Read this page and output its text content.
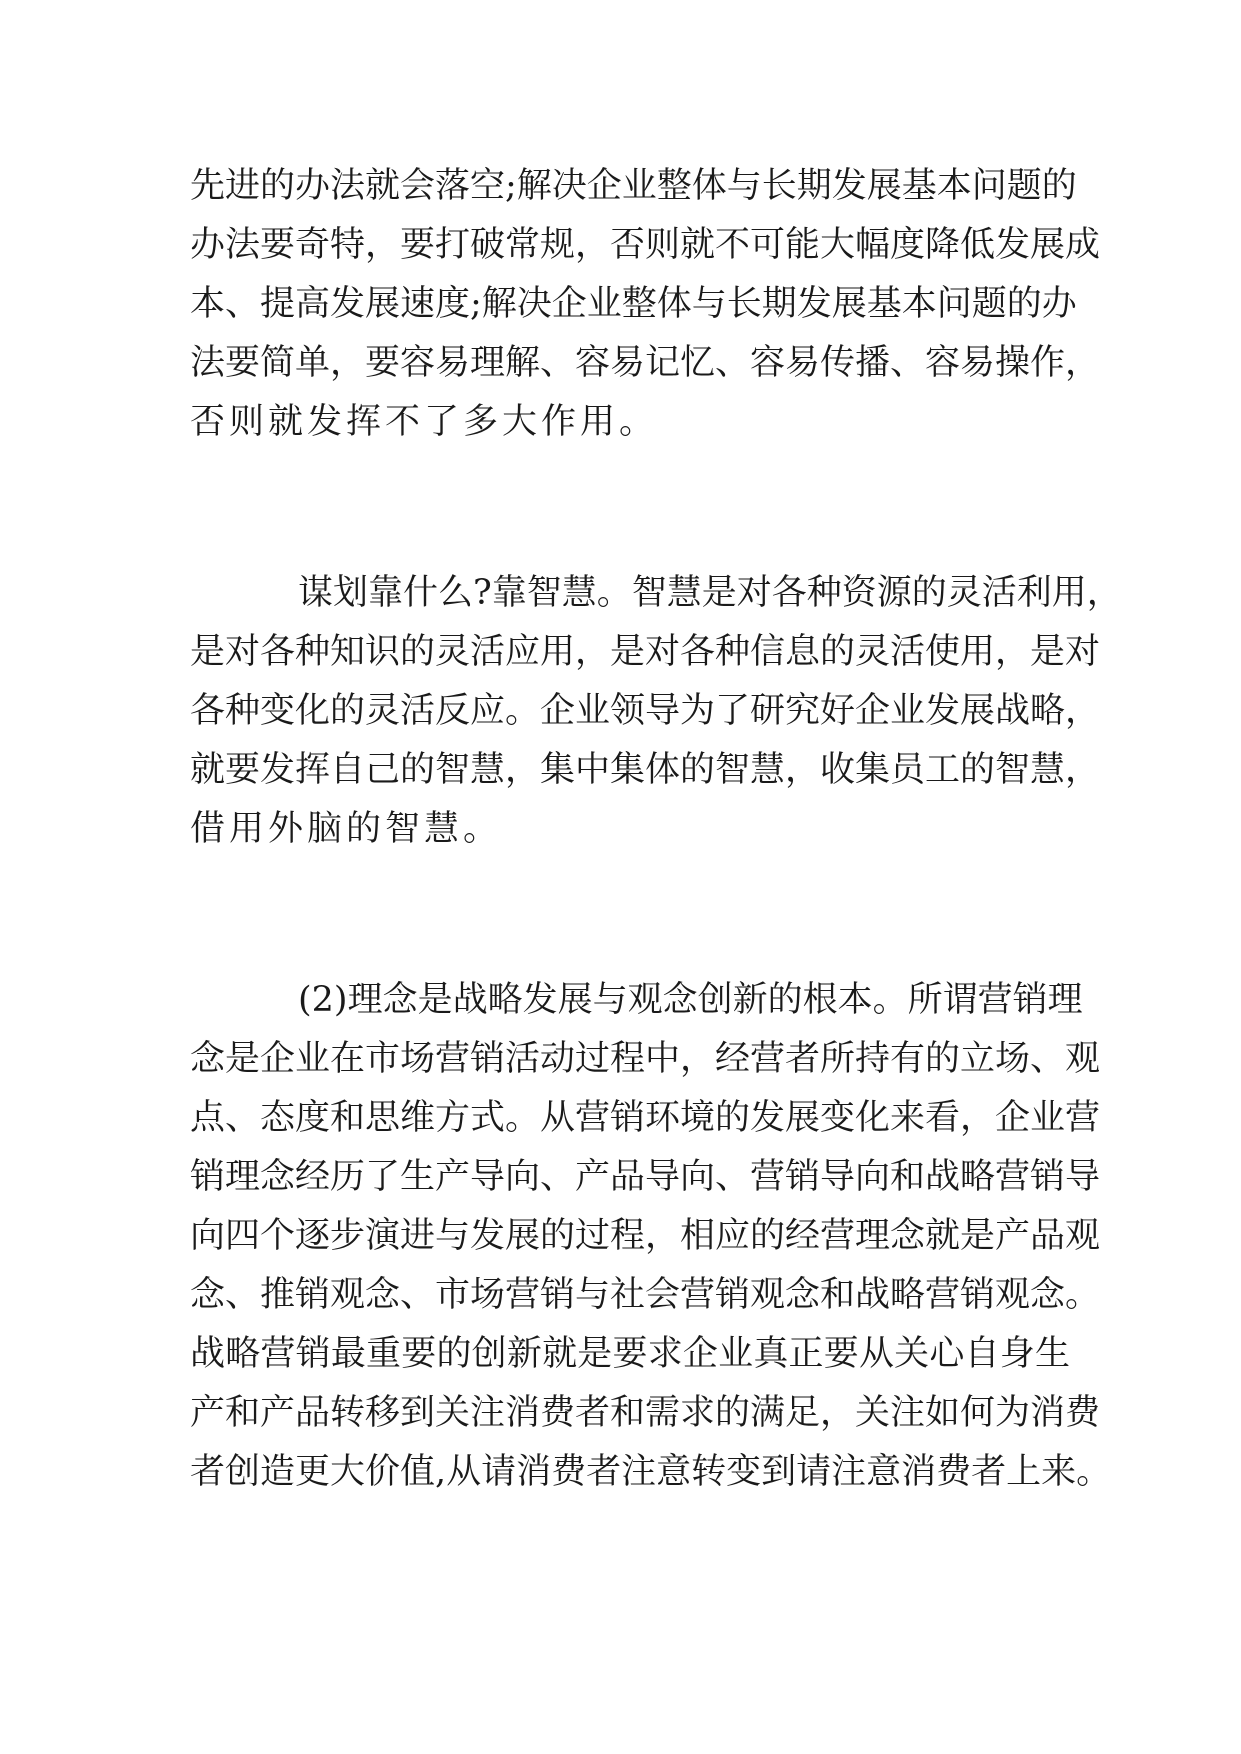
先进的办法就会落空;解决企业整体与长期发展基本问题的
办法要奇特，要打破常规，否则就不可能大幅度降低发展成
本、提高发展速度;解决企业整体与长期发展基本问题的办
法要简单，要容易理解、容易记忆、容易传播、容易操作，
否则就发挥不了多大作用。
谋划靠什么?靠智慧。智慧是对各种资源的灵活利用，
是对各种知识的灵活应用，是对各种信息的灵活使用，是对
各种变化的灵活反应。企业领导为了研究好企业发展战略，
就要发挥自己的智慧，集中集体的智慧，收集员工的智慧，
借用外脑的智慧。
(2)理念是战略发展与观念创新的根本。所谓营销理
念是企业在市场营销活动过程中，经营者所持有的立场、观
点、态度和思维方式。从营销环境的发展变化来看，企业营
销理念经历了生产导向、产品导向、营销导向和战略营销导
向四个逐步演进与发展的过程，相应的经营理念就是产品观
念、推销观念、市场营销与社会营销观念和战略营销观念。
战略营销最重要的创新就是要求企业真正要从关心自身生
产和产品转移到关注消费者和需求的满足，关注如何为消费
者创造更大价值,从请消费者注意转变到请注意消费者上来。
